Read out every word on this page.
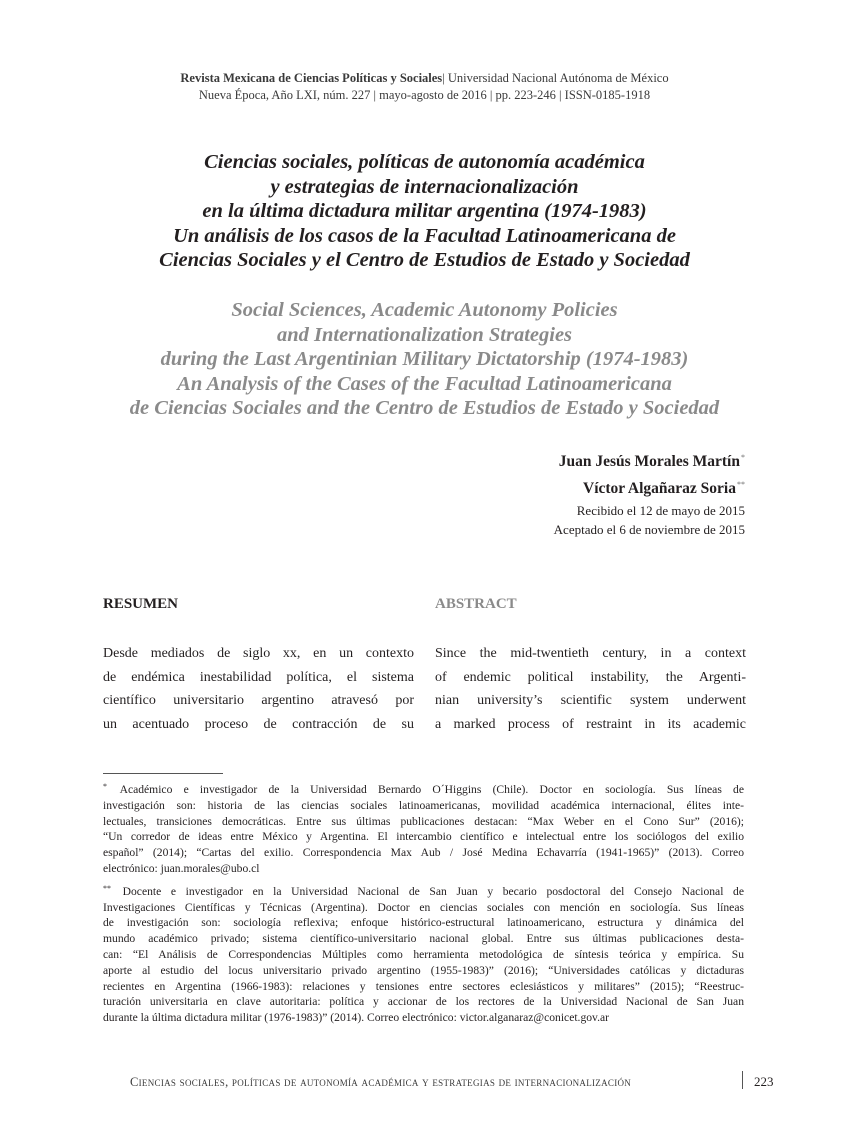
Revista Mexicana de Ciencias Políticas y Sociales| Universidad Nacional Autónoma de México
Nueva Época, Año LXI, núm. 227 | mayo-agosto de 2016 | pp. 223-246 | ISSN-0185-1918
Ciencias sociales, políticas de autonomía académica
y estrategias de internacionalización
en la última dictadura militar argentina (1974-1983)
Un análisis de los casos de la Facultad Latinoamericana de
Ciencias Sociales y el Centro de Estudios de Estado y Sociedad
Social Sciences, Academic Autonomy Policies
and Internationalization Strategies
during the Last Argentinian Military Dictatorship (1974-1983)
An Analysis of the Cases of the Facultad Latinoamericana
de Ciencias Sociales and the Centro de Estudios de Estado y Sociedad
Juan Jesús Morales Martín*
Víctor Algañaraz Soria**
Recibido el 12 de mayo de 2015
Aceptado el 6 de noviembre de 2015
RESUMEN	ABSTRACT
Desde mediados de siglo xx, en un contexto
de endémica inestabilidad política, el sistema
científico universitario argentino atravesó por
un acentuado proceso de contracción de su
Since the mid-twentieth century, in a context
of endemic political instability, the Argenti-
nian university’s scientific system underwent
a marked process of restraint in its academic
* Académico e investigador de la Universidad Bernardo O´Higgins (Chile). Doctor en sociología. Sus líneas de
investigación son: historia de las ciencias sociales latinoamericanas, movilidad académica internacional, élites inte-
lectuales, transiciones democráticas. Entre sus últimas publicaciones destacan: “Max Weber en el Cono Sur” (2016);
“Un corredor de ideas entre México y Argentina. El intercambio científico e intelectual entre los sociólogos del exilio
español” (2014); “Cartas del exilio. Correspondencia Max Aub / José Medina Echavarría (1941-1965)” (2013). Correo
electrónico: juan.morales@ubo.cl
** Docente e investigador en la Universidad Nacional de San Juan y becario posdoctoral del Consejo Nacional de
Investigaciones Científicas y Técnicas (Argentina). Doctor en ciencias sociales con mención en sociología. Sus líneas
de investigación son: sociología reflexiva; enfoque histórico-estructural latinoamericano, estructura y dinámica del
mundo académico privado; sistema científico-universitario nacional global. Entre sus últimas publicaciones desta-
can: “El Análisis de Correspondencias Múltiples como herramienta metodológica de síntesis teórica y empírica. Su
aporte al estudio del locus universitario privado argentino (1955-1983)” (2016); “Universidades católicas y dictaduras
recientes en Argentina (1966-1983): relaciones y tensiones entre sectores eclesiásticos y militares” (2015); “Reestruc-
turación universitaria en clave autoritaria: política y accionar de los rectores de la Universidad Nacional de San Juan
durante la última dictadura militar (1976-1983)” (2014). Correo electrónico: victor.alganaraz@conicet.gov.ar
Ciencias sociales, políticas de autonomía académica y estrategias de internacionalización	223
